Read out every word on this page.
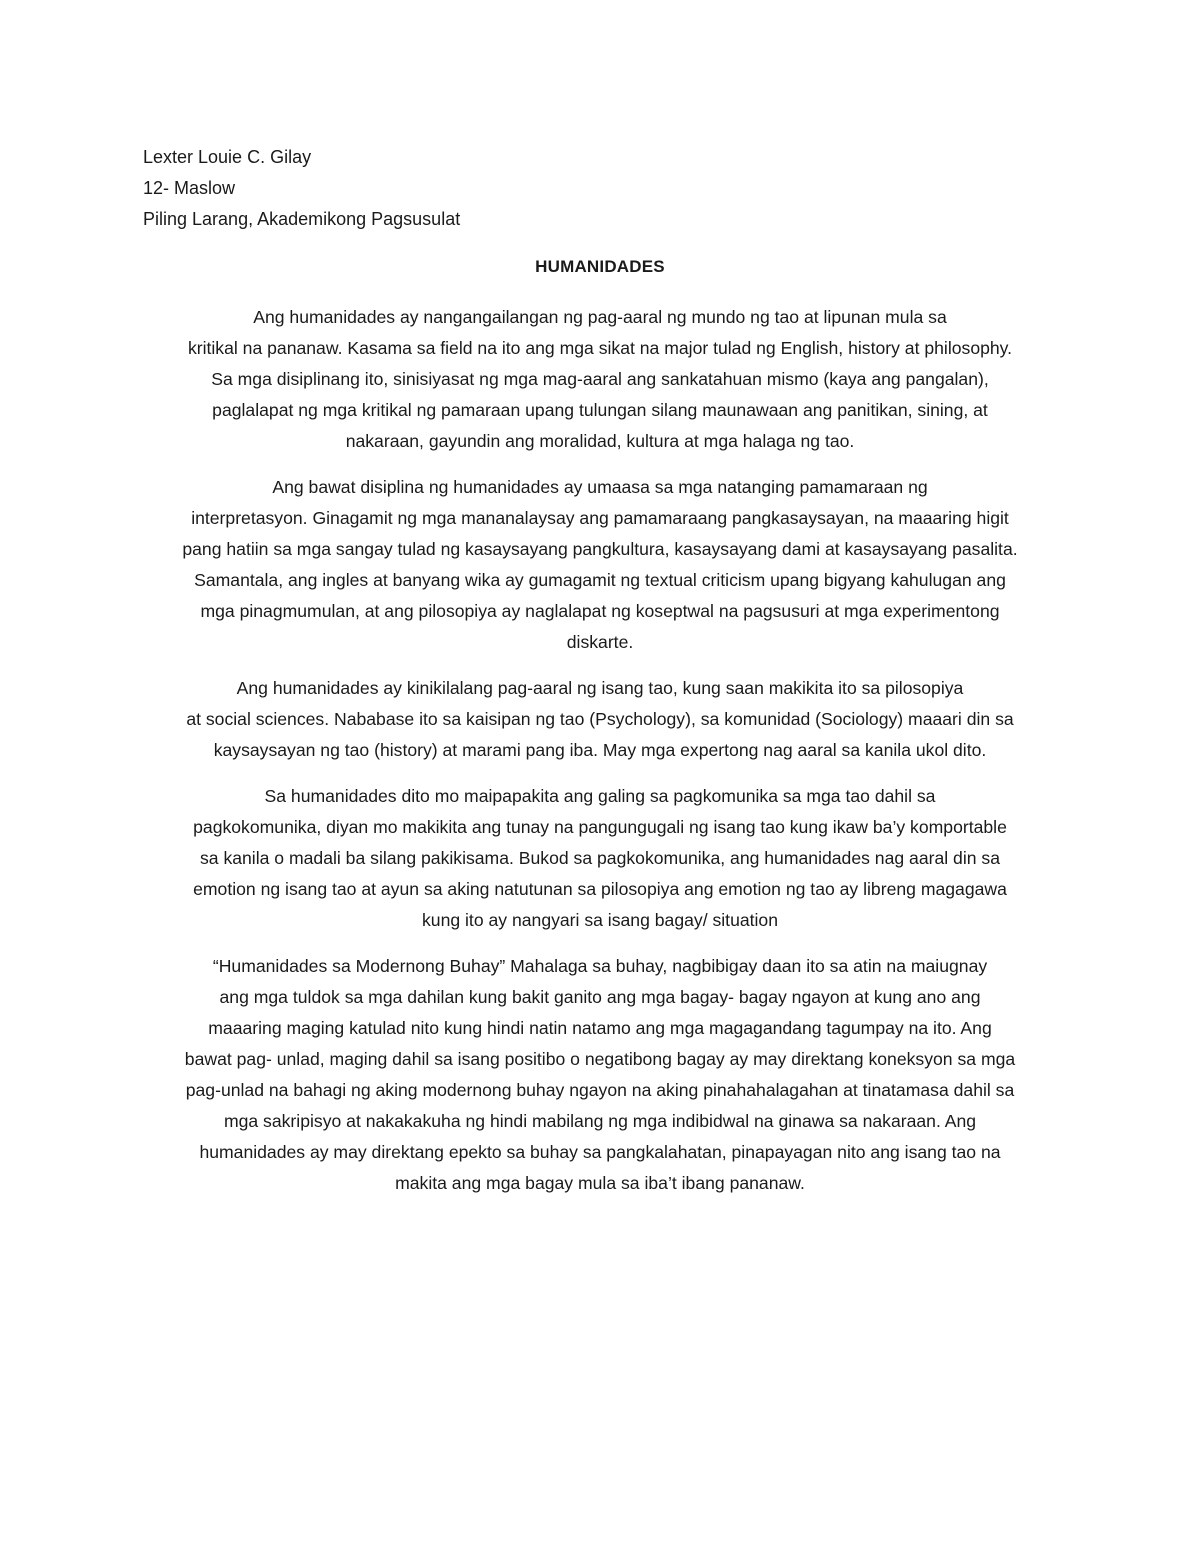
Lexter Louie C. Gilay
12- Maslow
Piling Larang, Akademikong Pagsusulat
HUMANIDADES

Ang humanidades ay nangangailangan ng pag-aaral ng mundo ng tao at lipunan mula sa
kritikal na pananaw. Kasama sa field na ito ang mga sikat na major tulad ng English, history at philosophy.
Sa mga disiplinang ito, sinisiyasat ng mga mag-aaral ang sankatahuan mismo (kaya ang pangalan),
paglalapat ng mga kritikal ng pamaraan upang tulungan silang maunawaan ang panitikan, sining, at
nakaraan, gayundin ang moralidad, kultura at mga halaga ng tao.

Ang bawat disiplina ng humanidades ay umaasa sa mga natanging pamamaraan ng
interpretasyon. Ginagamit ng mga mananalaysay ang pamamaraang pangkasaysayan, na maaaring higit
pang hatiin sa mga sangay tulad ng kasaysayang pangkultura, kasaysayang dami at kasaysayang pasalita.
Samantala, ang ingles at banyang wika ay gumagamit ng textual criticism upang bigyang kahulugan ang
mga pinagmumulan, at ang pilosopiya ay naglalapat ng koseptwal na pagsusuri at mga experimentong
diskarte.

Ang humanidades ay kinikilalang pag-aaral ng isang tao, kung saan makikita ito sa pilosopiya
at social sciences. Nababase ito sa kaisipan ng tao (Psychology), sa komunidad (Sociology) maaari din sa
kaysaysayan ng tao (history) at marami pang iba. May mga expertong nag aaral sa kanila ukol dito.

Sa humanidades dito mo maipapakita ang galing sa pagkomunika sa mga tao dahil sa
pagkokomunika, diyan mo makikita ang tunay na pangungugali ng isang tao kung ikaw ba’y komportable
sa kanila o madali ba silang pakikisama. Bukod sa pagkokomunika, ang humanidades nag aaral din sa
emotion ng isang tao at ayun sa aking natutunan sa pilosopiya ang emotion ng tao ay libreng magagawa
kung ito ay nangyari sa isang bagay/ situation

“Humanidades sa Modernong Buhay” Mahalaga sa buhay, nagbibigay daan ito sa atin na maiugnay
ang mga tuldok sa mga dahilan kung bakit ganito ang mga bagay- bagay ngayon at kung ano ang
maaaring maging katulad nito kung hindi natin natamo ang mga magagandang tagumpay na ito. Ang
bawat pag- unlad, maging dahil sa isang positibo o negatibong bagay ay may direktang koneksyon sa mga
pag-unlad na bahagi ng aking modernong buhay ngayon na aking pinahahalagahan at tinatamasa dahil sa
mga sakripisyo at nakakakuha ng hindi mabilang ng mga indibidwal na ginawa sa nakaraan. Ang
humanidades ay may direktang epekto sa buhay sa pangkalahatan, pinapayagan nito ang isang tao na
makita ang mga bagay mula sa iba’t ibang pananaw.
